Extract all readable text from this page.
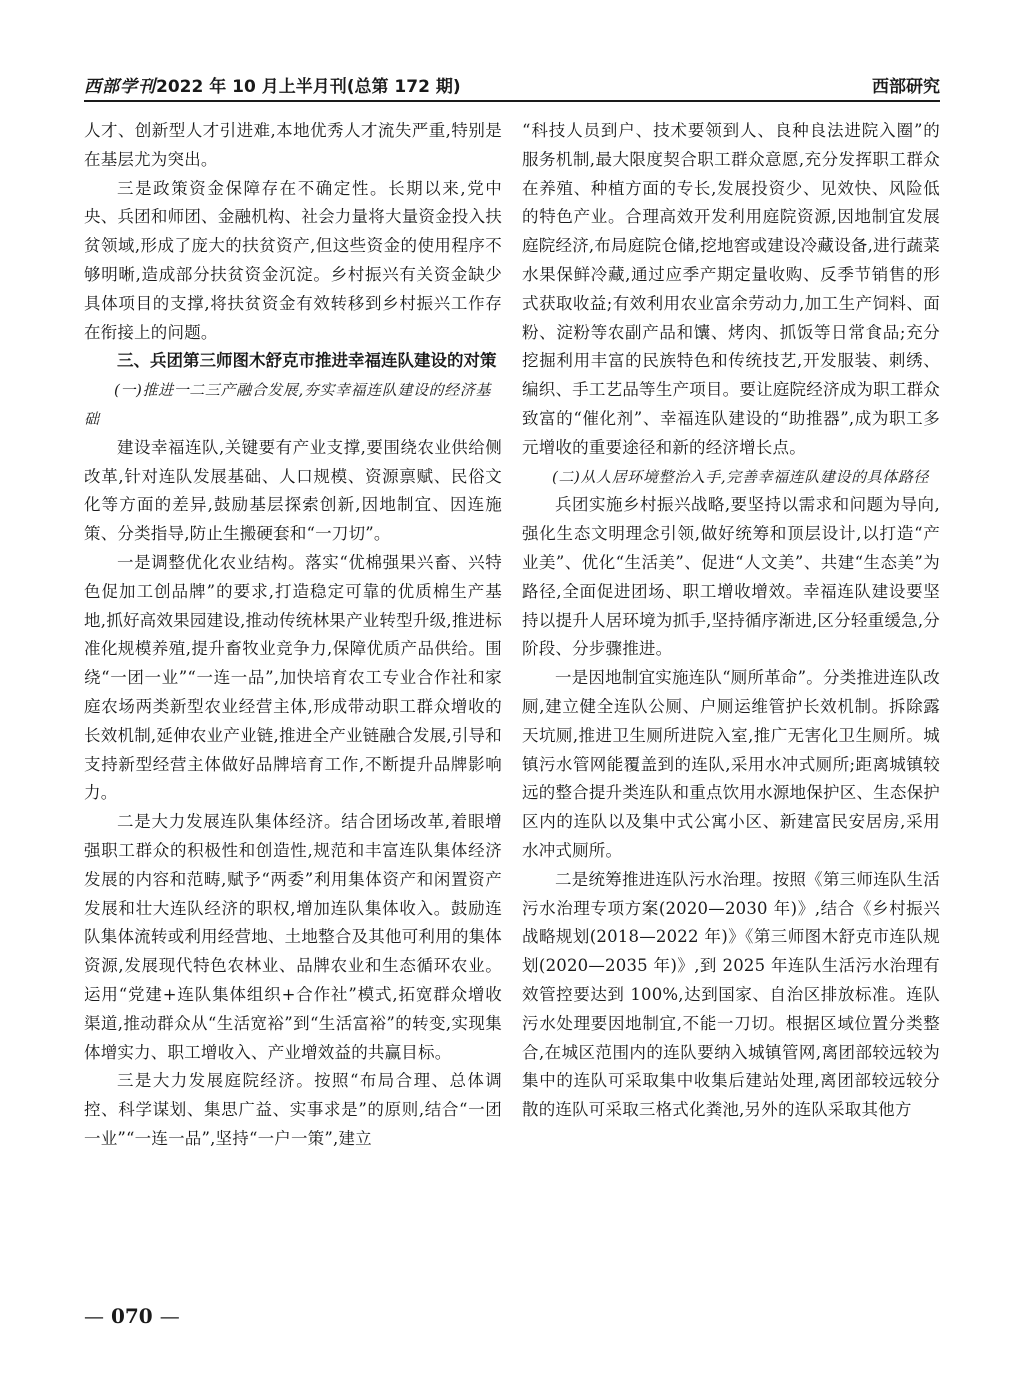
西部学刊2022 年 10 月上半月刊(总第 172 期)	西部研究

人才、创新型人才引进难,本地优秀人才流失严重,特别是在基层尤为突出。

三是政策资金保障存在不确定性。长期以来,党中央、兵团和师团、金融机构、社会力量将大量资金投入扶贫领域,形成了庞大的扶贫资产,但这些资金的使用程序不够明晰,造成部分扶贫资金沉淀。乡村振兴有关资金缺少具体项目的支撑,将扶贫资金有效转移到乡村振兴工作存在衔接上的问题。

三、兵团第三师图木舒克市推进幸福连队建设的对策

(一)推进一二三产融合发展,夯实幸福连队建设的经济基础

建设幸福连队,关键要有产业支撑,要围绕农业供给侧改革,针对连队发展基础、人口规模、资源禀赋、民俗文化等方面的差异,鼓励基层探索创新,因地制宜、因连施策、分类指导,防止生搬硬套和“一刀切”。

一是调整优化农业结构。落实“优棉强果兴畜、兴特色促加工创品牌”的要求,打造稳定可靠的优质棉生产基地,抓好高效果园建设,推动传统林果产业转型升级,推进标准化规模养殖,提升畜牧业竞争力,保障优质产品供给。围绕“一团一业”“一连一品”,加快培育农工专业合作社和家庭农场两类新型农业经营主体,形成带动职工群众增收的长效机制,延伸农业产业链,推进全产业链融合发展,引导和支持新型经营主体做好品牌培育工作,不断提升品牌影响力。

二是大力发展连队集体经济。结合团场改革,着眼增强职工群众的积极性和创造性,规范和丰富连队集体经济发展的内容和范畴,赋予“两委”利用集体资产和闲置资产发展和壮大连队经济的职权,增加连队集体收入。鼓励连队集体流转或利用经营地、土地整合及其他可利用的集体资源,发展现代特色农林业、品牌农业和生态循环农业。运用“党建+连队集体组织+合作社”模式,拓宽群众增收渠道,推动群众从“生活宽裕”到“生活富裕”的转变,实现集体增实力、职工增收入、产业增效益的共赢目标。

三是大力发展庭院经济。按照“布局合理、总体调控、科学谋划、集思广益、实事求是”的原则,结合“一团一业”“一连一品”,坚持“一户一策”,建立

“科技人员到户、技术要领到人、良种良法进院入圈”的服务机制,最大限度契合职工群众意愿,充分发挥职工群众在养殖、种植方面的专长,发展投资少、见效快、风险低的特色产业。合理高效开发利用庭院资源,因地制宜发展庭院经济,布局庭院仓储,挖地窖或建设冷藏设备,进行蔬菜水果保鲜冷藏,通过应季产期定量收购、反季节销售的形式获取收益;有效利用农业富余劳动力,加工生产饲料、面粉、淀粉等农副产品和馕、烤肉、抓饭等日常食品;充分挖掘利用丰富的民族特色和传统技艺,开发服装、刺绣、编织、手工艺品等生产项目。要让庭院经济成为职工群众致富的“催化剂”、幸福连队建设的“助推器”,成为职工多元增收的重要途径和新的经济增长点。

(二)从人居环境整治入手,完善幸福连队建设的具体路径

兵团实施乡村振兴战略,要坚持以需求和问题为导向,强化生态文明理念引领,做好统筹和顶层设计,以打造“产业美”、优化“生活美”、促进“人文美”、共建“生态美”为路径,全面促进团场、职工增收增效。幸福连队建设要坚持以提升人居环境为抓手,坚持循序渐进,区分轻重缓急,分阶段、分步骤推进。

一是因地制宜实施连队“厕所革命”。分类推进连队改厕,建立健全连队公厕、户厕运维管护长效机制。拆除露天坑厕,推进卫生厕所进院入室,推广无害化卫生厕所。城镇污水管网能覆盖到的连队,采用水冲式厕所;距离城镇较远的整合提升类连队和重点饮用水源地保护区、生态保护区内的连队以及集中式公寓小区、新建富民安居房,采用水冲式厕所。

二是统筹推进连队污水治理。按照《第三师连队生活污水治理专项方案(2020—2030 年)》,结合《乡村振兴战略规划(2018—2022 年)》《第三师图木舒克市连队规划(2020—2035 年)》,到 2025 年连队生活污水治理有效管控要达到 100%,达到国家、自治区排放标准。连队污水处理要因地制宜,不能一刀切。根据区域位置分类整合,在城区范围内的连队要纳入城镇管网,离团部较远较为集中的连队可采取集中收集后建站处理,离团部较远较分散的连队可采取三格式化粪池,另外的连队采取其他方

— 070 —
